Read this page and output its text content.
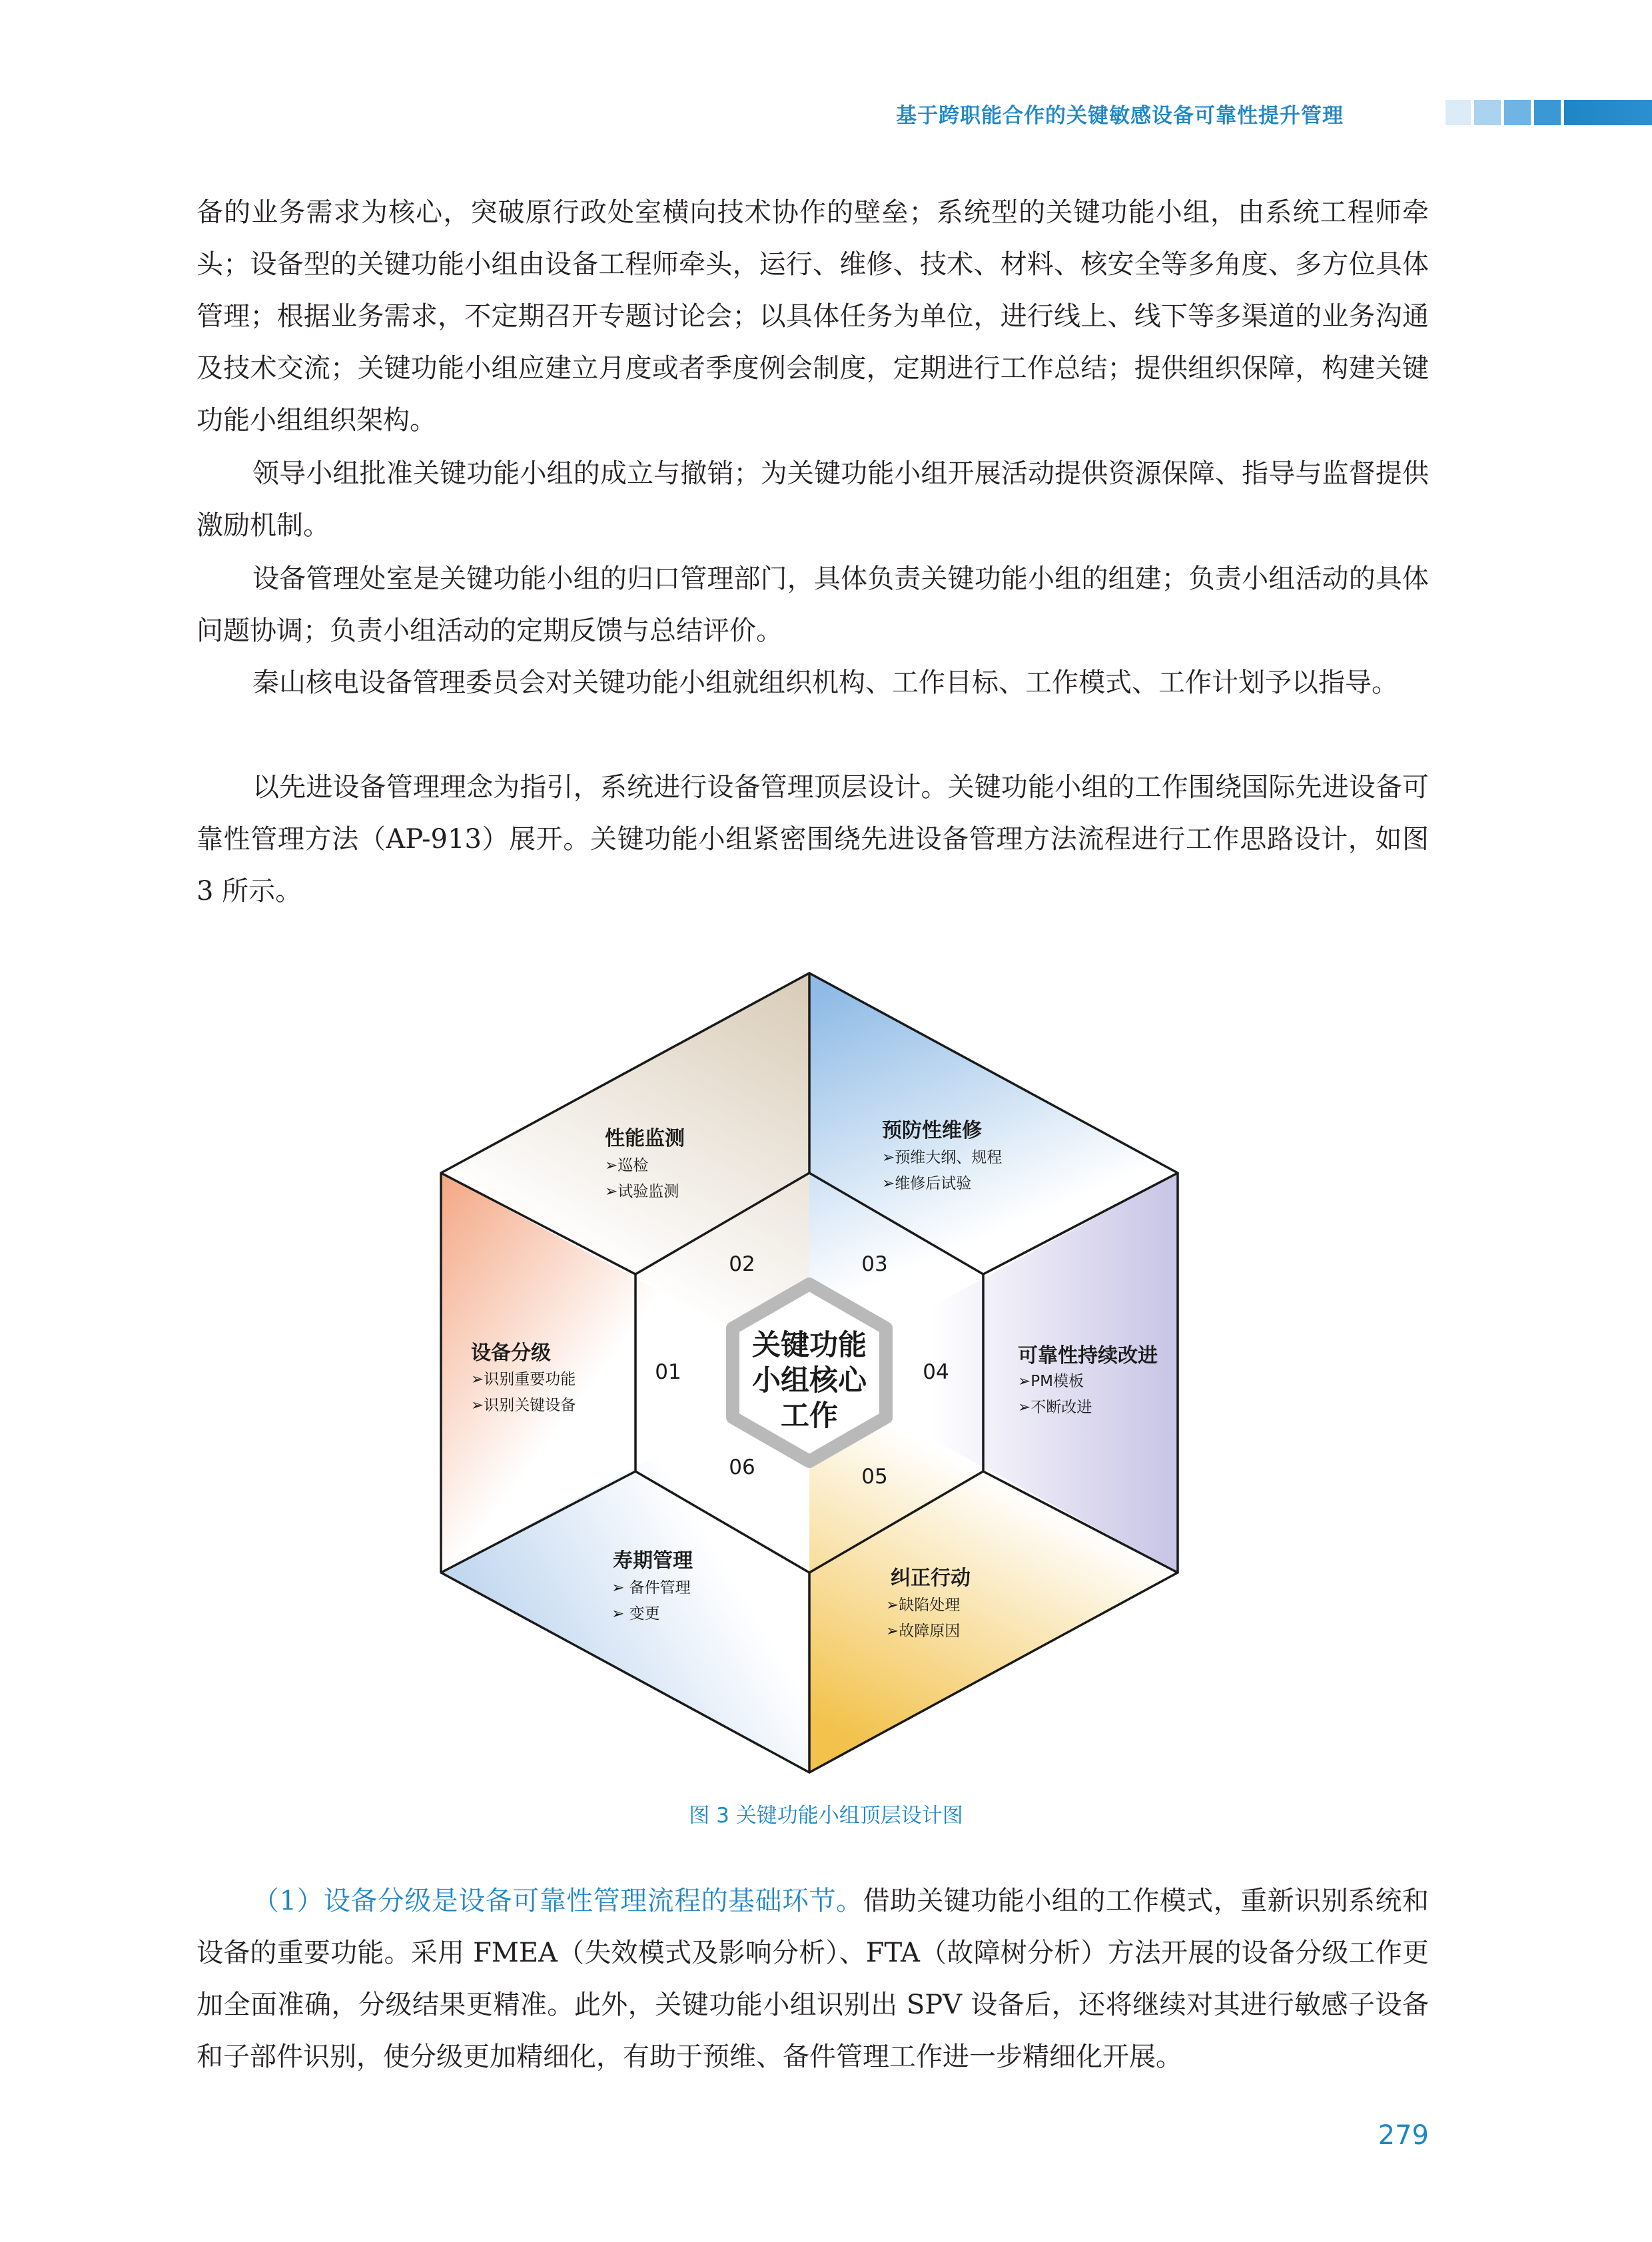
基于跨职能合作的关键敏感设备可靠性提升管理

备的业务需求为核心，突破原行政处室横向技术协作的壁垒；系统型的关键功能小组，由系统工程师牵头；设备型的关键功能小组由设备工程师牵头，运行、维修、技术、材料、核安全等多角度、多方位具体管理；根据业务需求，不定期召开专题讨论会；以具体任务为单位，进行线上、线下等多渠道的业务沟通及技术交流；关键功能小组应建立月度或者季度例会制度，定期进行工作总结；提供组织保障，构建关键功能小组组织架构。

领导小组批准关键功能小组的成立与撤销；为关键功能小组开展活动提供资源保障、指导与监督提供激励机制。

设备管理处室是关键功能小组的归口管理部门，具体负责关键功能小组的组建；负责小组活动的具体问题协调；负责小组活动的定期反馈与总结评价。

秦山核电设备管理委员会对关键功能小组就组织机构、工作目标、工作模式、工作计划予以指导。

以先进设备管理理念为指引，系统进行设备管理顶层设计。关键功能小组的工作围绕国际先进设备可靠性管理方法（AP-913）展开。关键功能小组紧密围绕先进设备管理方法流程进行工作思路设计，如图 3 所示。

关键功能
小组核心
工作
01
02	03
04
05
06
设备分级
➢识别重要功能
➢识别关键设备
性能监测
➢巡检
➢试验监测
预防性维修
➢预维大纲、规程
➢维修后试验
可靠性持续改进
➢PM模板
➢不断改进
纠正行动
➢缺陷处理
➢故障原因
寿期管理
➢ 备件管理
➢ 变更
图 3 关键功能小组顶层设计图

（1）设备分级是设备可靠性管理流程的基础环节。借助关键功能小组的工作模式，重新识别系统和设备的重要功能。采用 FMEA（失效模式及影响分析）、FTA（故障树分析）方法开展的设备分级工作更加全面准确，分级结果更精准。此外，关键功能小组识别出 SPV 设备后，还将继续对其进行敏感子设备和子部件识别，使分级更加精细化，有助于预维、备件管理工作进一步精细化开展。

279
